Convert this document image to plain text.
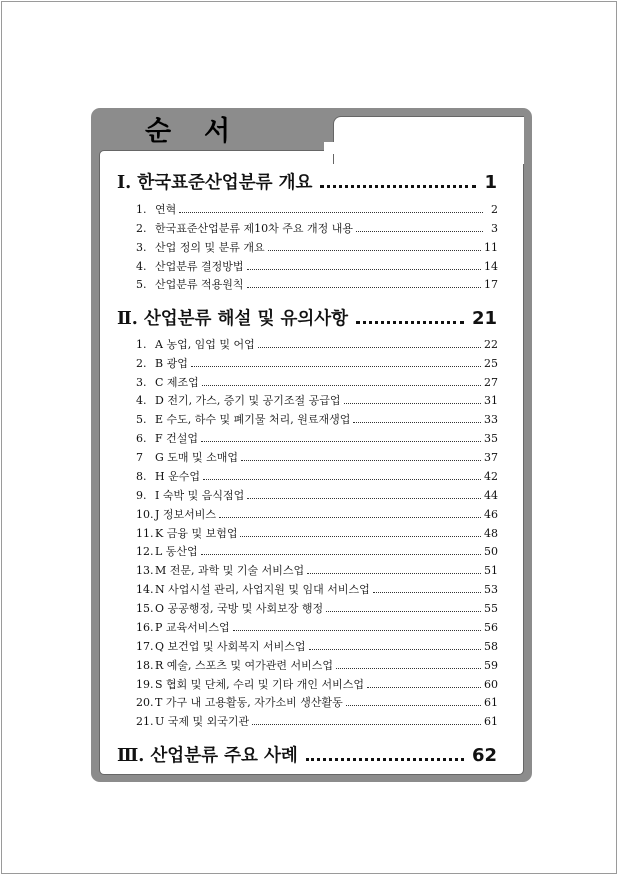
순 서
Ⅰ. 한국표준산업분류 개요	1
1. 연혁	2
2. 한국표준산업분류 제10차 주요 개정 내용	3
3. 산업 정의 및 분류 개요	11
4. 산업분류 결정방법	14
5. 산업분류 적용원칙	17
Ⅱ. 산업분류 해설 및 유의사항	21
1. A 농업, 임업 및 어업	22
2. B 광업	25
3. C 제조업	27
4. D 전기, 가스, 증기 및 공기조절 공급업	31
5. E 수도, 하수 및 폐기물 처리, 원료재생업	33
6. F 건설업	35
7	G 도매 및 소매업	37
8. H 운수업	42
9. I 숙박 및 음식점업	44
10. J 정보서비스	46
11. K 금융 및 보험업	48
12. L 동산업	50
13. M 전문, 과학 및 기술 서비스업	51
14. N 사업시설 관리, 사업지원 및 임대 서비스업	53
15. O 공공행정, 국방 및 사회보장 행정	55
16. P 교육서비스업	56
17. Q 보건업 및 사회복지 서비스업	58
18. R 예술, 스포츠 및 여가관련 서비스업	59
19. S 협회 및 단체, 수리 및 기타 개인 서비스업	60
20. T 가구 내 고용활동, 자가소비 생산활동	61
21. U 국제 및 외국기관	61
Ⅲ. 산업분류 주요 사례	62
